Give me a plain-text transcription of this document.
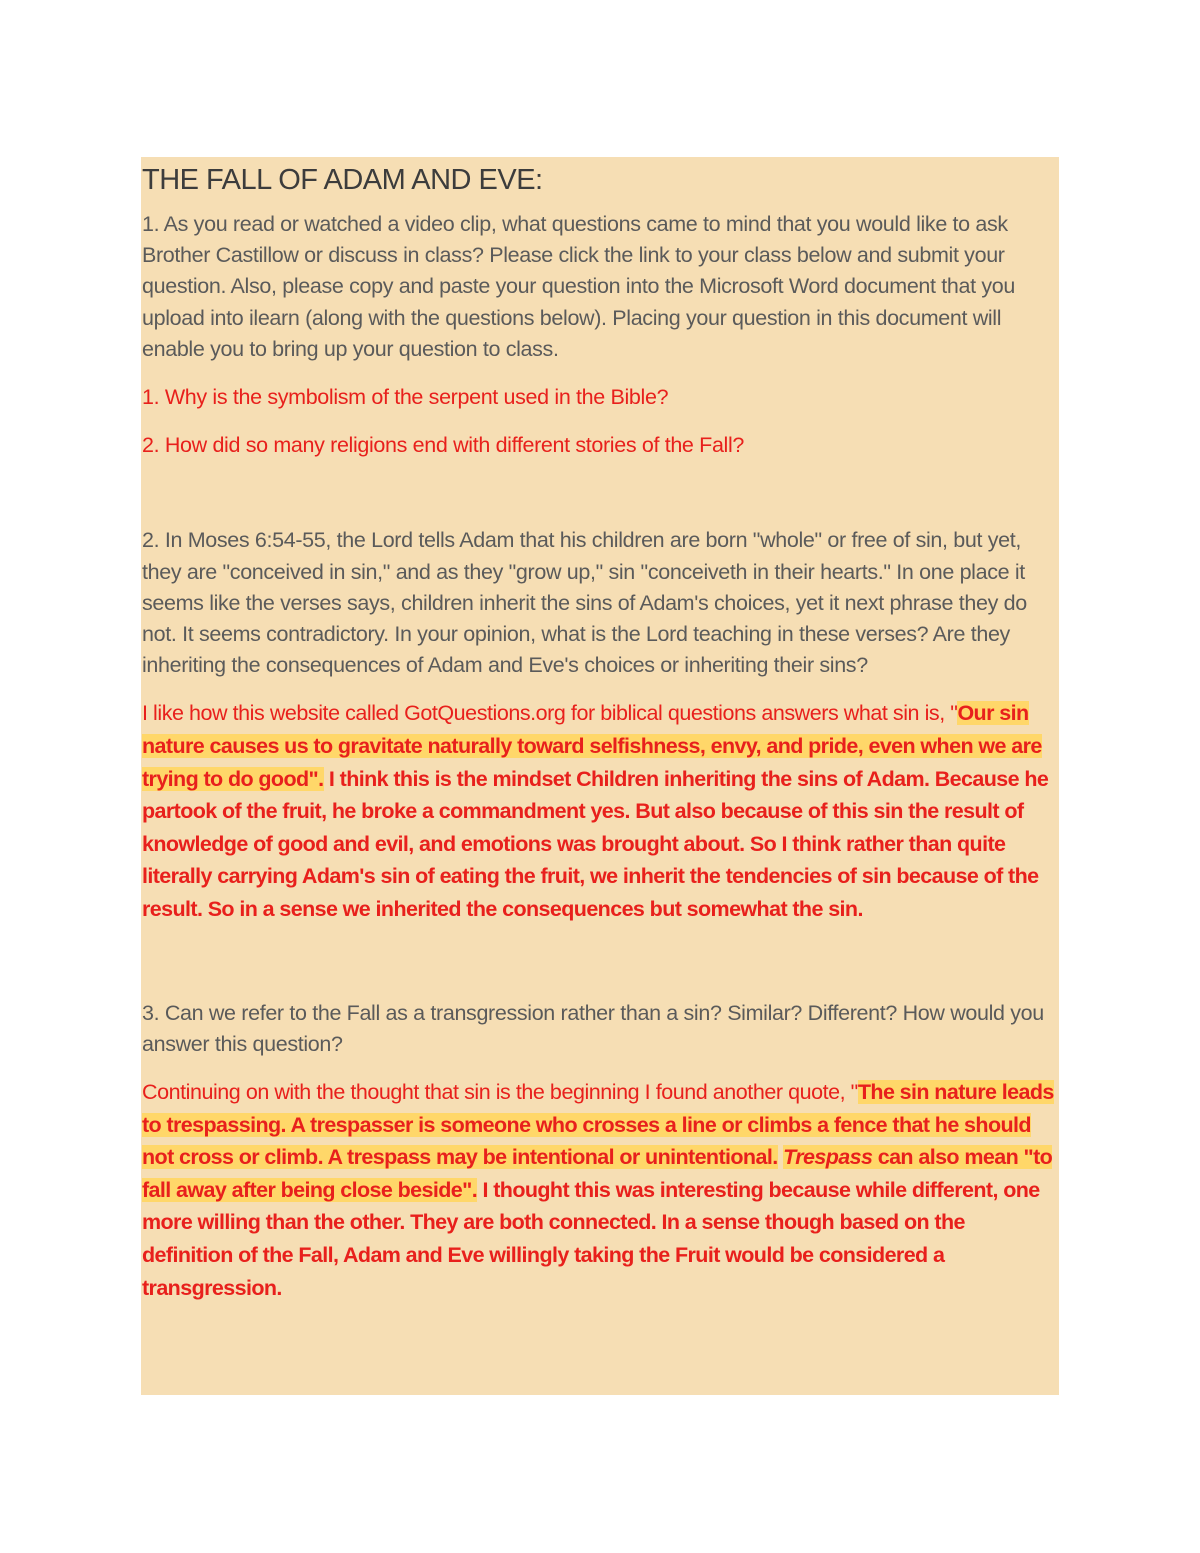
THE FALL OF ADAM AND EVE:

1. As you read or watched a video clip, what questions came to mind that you would like to ask Brother Castillow or discuss in class? Please click the link to your class below and submit your question. Also, please copy and paste your question into the Microsoft Word document that you upload into ilearn (along with the questions below). Placing your question in this document will enable you to bring up your question to class.

1. Why is the symbolism of the serpent used in the Bible?

2. How did so many religions end with different stories of the Fall?

2. In Moses 6:54-55, the Lord tells Adam that his children are born "whole" or free of sin, but yet, they are "conceived in sin," and as they "grow up," sin "conceiveth in their hearts." In one place it seems like the verses says, children inherit the sins of Adam's choices, yet it next phrase they do not. It seems contradictory. In your opinion, what is the Lord teaching in these verses? Are they inheriting the consequences of Adam and Eve's choices or inheriting their sins?

I like how this website called GotQuestions.org for biblical questions answers what sin is, "Our sin nature causes us to gravitate naturally toward selfishness, envy, and pride, even when we are trying to do good". I think this is the mindset Children inheriting the sins of Adam. Because he partook of the fruit, he broke a commandment yes. But also because of this sin the result of knowledge of good and evil, and emotions was brought about. So I think rather than quite literally carrying Adam's sin of eating the fruit, we inherit the tendencies of sin because of the result. So in a sense we inherited the consequences but somewhat the sin.

3. Can we refer to the Fall as a transgression rather than a sin? Similar? Different? How would you answer this question?

Continuing on with the thought that sin is the beginning I found another quote, "The sin nature leads to trespassing. A trespasser is someone who crosses a line or climbs a fence that he should not cross or climb. A trespass may be intentional or unintentional. Trespass can also mean "to fall away after being close beside". I thought this was interesting because while different, one more willing than the other. They are both connected. In a sense though based on the definition of the Fall, Adam and Eve willingly taking the Fruit would be considered a transgression.
